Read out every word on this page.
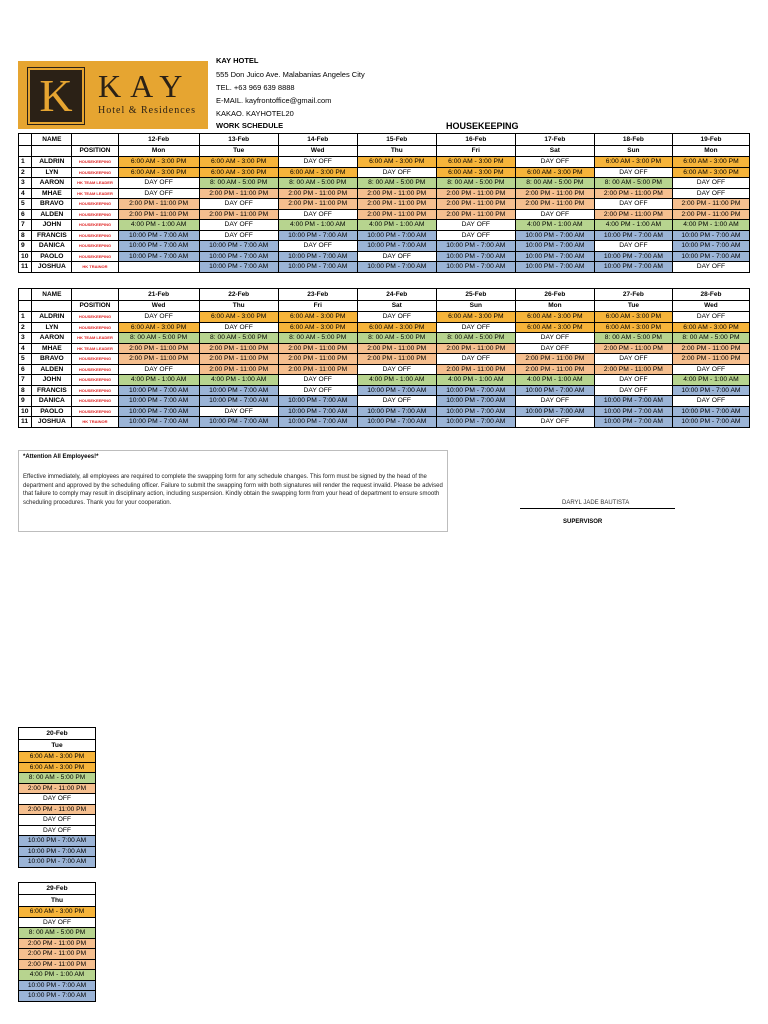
K KAY
Hotel & Residences
KAY HOTEL
555 Don Juico Ave. Malabanias Angeles City
TEL. +63 969 639 8888
E-MAIL. kayfrontoffice@gmail.com
KAKAO. KAYHOTEL20
WORK SCHEDULE	HOUSEKEEPING
	NAME		12-Feb	13-Feb	14-Feb	15-Feb	16-Feb	17-Feb	18-Feb	19-Feb
		POSITION	Mon	Tue	Wed	Thu	Fri	Sat	Sun	Mon
1	ALDRIN	HOUSEKEEPING	6:00 AM - 3:00 PM	6:00 AM - 3:00 PM	DAY OFF	6:00 AM - 3:00 PM	6:00 AM - 3:00 PM	DAY OFF	6:00 AM - 3:00 PM	6:00 AM - 3:00 PM
2	LYN	HOUSEKEEPING	6:00 AM - 3:00 PM	6:00 AM - 3:00 PM	6:00 AM - 3:00 PM	DAY OFF	6:00 AM - 3:00 PM	6:00 AM - 3:00 PM	DAY OFF	6:00 AM - 3:00 PM
3	AARON	HK TEAM LEADER	DAY OFF	8: 00 AM - 5:00 PM	8: 00 AM - 5:00 PM	8: 00 AM - 5:00 PM	8: 00 AM - 5:00 PM	8: 00 AM - 5:00 PM	8: 00 AM - 5:00 PM	DAY OFF
4	MHAE	HK TEAM LEADER	DAY OFF	2:00 PM - 11:00 PM	2:00 PM - 11:00 PM	2:00 PM - 11:00 PM	2:00 PM - 11:00 PM	2:00 PM - 11:00 PM	2:00 PM - 11:00 PM	DAY OFF
5	BRAVO	HOUSEKEEPING	2:00 PM - 11:00 PM	DAY OFF	2:00 PM - 11:00 PM	2:00 PM - 11:00 PM	2:00 PM - 11:00 PM	2:00 PM - 11:00 PM	DAY OFF	2:00 PM - 11:00 PM
6	ALDEN	HOUSEKEEPING	2:00 PM - 11:00 PM	2:00 PM - 11:00 PM	DAY OFF	2:00 PM - 11:00 PM	2:00 PM - 11:00 PM	DAY OFF	2:00 PM - 11:00 PM	2:00 PM - 11:00 PM
7	JOHN	HOUSEKEEPING	4:00 PM - 1:00 AM	DAY OFF	4:00 PM - 1:00 AM	4:00 PM - 1:00 AM	DAY OFF	4:00 PM - 1:00 AM	4:00 PM - 1:00 AM	4:00 PM - 1:00 AM
8	FRANCIS	HOUSEKEEPING	10:00 PM - 7:00 AM	DAY OFF	10:00 PM - 7:00 AM	10:00 PM - 7:00 AM	DAY OFF	10:00 PM - 7:00 AM	10:00 PM - 7:00 AM	10:00 PM - 7:00 AM
9	DANICA	HOUSEKEEPING	10:00 PM - 7:00 AM	10:00 PM - 7:00 AM	DAY OFF	10:00 PM - 7:00 AM	10:00 PM - 7:00 AM	10:00 PM - 7:00 AM	DAY OFF	10:00 PM - 7:00 AM
10	PAOLO	HOUSEKEEPING	10:00 PM - 7:00 AM	10:00 PM - 7:00 AM	10:00 PM - 7:00 AM	DAY OFF	10:00 PM - 7:00 AM	10:00 PM - 7:00 AM	10:00 PM - 7:00 AM	10:00 PM - 7:00 AM
11	JOSHUA	HK TRAINOR		10:00 PM - 7:00 AM	10:00 PM - 7:00 AM	10:00 PM - 7:00 AM	10:00 PM - 7:00 AM	10:00 PM - 7:00 AM	10:00 PM - 7:00 AM	DAY OFF
	NAME		21-Feb	22-Feb	23-Feb	24-Feb	25-Feb	26-Feb	27-Feb	28-Feb
		POSITION	Wed	Thu	Fri	Sat	Sun	Mon	Tue	Wed
1	ALDRIN	HOUSEKEEPING	DAY OFF	6:00 AM - 3:00 PM	6:00 AM - 3:00 PM	DAY OFF	6:00 AM - 3:00 PM	6:00 AM - 3:00 PM	6:00 AM - 3:00 PM	DAY OFF
2	LYN	HOUSEKEEPING	6:00 AM - 3:00 PM	DAY OFF	6:00 AM - 3:00 PM	6:00 AM - 3:00 PM	DAY OFF	6:00 AM - 3:00 PM	6:00 AM - 3:00 PM	6:00 AM - 3:00 PM
3	AARON	HK TEAM LEADER	8: 00 AM - 5:00 PM	8: 00 AM - 5:00 PM	8: 00 AM - 5:00 PM	8: 00 AM - 5:00 PM	8: 00 AM - 5:00 PM	DAY OFF	8: 00 AM - 5:00 PM	8: 00 AM - 5:00 PM
4	MHAE	HK TEAM LEADER	2:00 PM - 11:00 PM	2:00 PM - 11:00 PM	2:00 PM - 11:00 PM	2:00 PM - 11:00 PM	2:00 PM - 11:00 PM	DAY OFF	2:00 PM - 11:00 PM	2:00 PM - 11:00 PM
5	BRAVO	HOUSEKEEPING	2:00 PM - 11:00 PM	2:00 PM - 11:00 PM	2:00 PM - 11:00 PM	2:00 PM - 11:00 PM	DAY OFF	2:00 PM - 11:00 PM	DAY OFF	2:00 PM - 11:00 PM
6	ALDEN	HOUSEKEEPING	DAY OFF	2:00 PM - 11:00 PM	2:00 PM - 11:00 PM	DAY OFF	2:00 PM - 11:00 PM	2:00 PM - 11:00 PM	2:00 PM - 11:00 PM	DAY OFF
7	JOHN	HOUSEKEEPING	4:00 PM - 1:00 AM	4:00 PM - 1:00 AM	DAY OFF	4:00 PM - 1:00 AM	4:00 PM - 1:00 AM	4:00 PM - 1:00 AM	DAY OFF	4:00 PM - 1:00 AM
8	FRANCIS	HOUSEKEEPING	10:00 PM - 7:00 AM	10:00 PM - 7:00 AM	DAY OFF	10:00 PM - 7:00 AM	10:00 PM - 7:00 AM	10:00 PM - 7:00 AM	DAY OFF	10:00 PM - 7:00 AM
9	DANICA	HOUSEKEEPING	10:00 PM - 7:00 AM	10:00 PM - 7:00 AM	10:00 PM - 7:00 AM	DAY OFF	10:00 PM - 7:00 AM	DAY OFF	10:00 PM - 7:00 AM	DAY OFF
10	PAOLO	HOUSEKEEPING	10:00 PM - 7:00 AM	DAY OFF	10:00 PM - 7:00 AM	10:00 PM - 7:00 AM	10:00 PM - 7:00 AM	10:00 PM - 7:00 AM	10:00 PM - 7:00 AM	10:00 PM - 7:00 AM
11	JOSHUA	HK TRAINOR	10:00 PM - 7:00 AM	10:00 PM - 7:00 AM	10:00 PM - 7:00 AM	10:00 PM - 7:00 AM	10:00 PM - 7:00 AM	DAY OFF	10:00 PM - 7:00 AM	10:00 PM - 7:00 AM
*Attention All Employees!*
Effective immediately, all employees are required to complete the swapping form for any schedule changes. This form must be signed by the head of the department and approved by the scheduling officer. Failure to submit the swapping form with both signatures will render the request invalid. Please be advised that failure to comply may result in disciplinary action, including suspension. Kindly obtain the swapping form from your head of department to ensure smooth scheduling procedures. Thank you for your cooperation.	DARYL JADE BAUTISTA
SUPERVISOR
20-Feb
Tue
6:00 AM - 3:00 PM
6:00 AM - 3:00 PM
8: 00 AM - 5:00 PM
2:00 PM - 11:00 PM
DAY OFF
2:00 PM - 11:00 PM
DAY OFF
DAY OFF
10:00 PM - 7:00 AM
10:00 PM - 7:00 AM
10:00 PM - 7:00 AM
29-Feb
Thu
6:00 AM - 3:00 PM
DAY OFF
8: 00 AM - 5:00 PM
2:00 PM - 11:00 PM
2:00 PM - 11:00 PM
2:00 PM - 11:00 PM
4:00 PM - 1:00 AM
10:00 PM - 7:00 AM
10:00 PM - 7:00 AM
